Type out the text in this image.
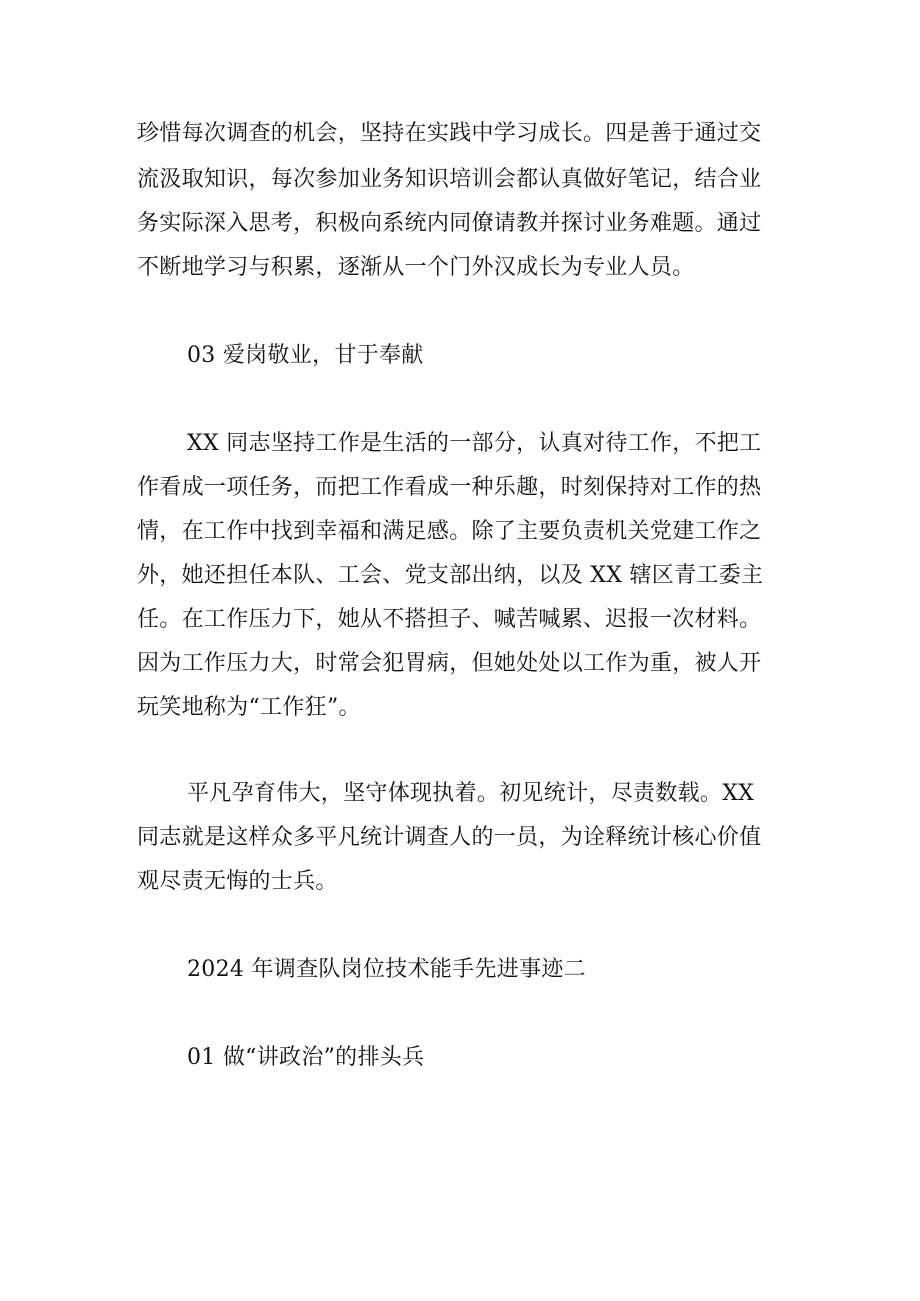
珍惜每次调查的机会，坚持在实践中学习成长。四是善于通过交
流汲取知识，每次参加业务知识培训会都认真做好笔记，结合业
务实际深入思考，积极向系统内同僚请教并探讨业务难题。通过
不断地学习与积累，逐渐从一个门外汉成长为专业人员。
03 爱岗敬业，甘于奉献
XX 同志坚持工作是生活的一部分，认真对待工作，不把工
作看成一项任务，而把工作看成一种乐趣，时刻保持对工作的热
情，在工作中找到幸福和满足感。除了主要负责机关党建工作之
外，她还担任本队、工会、党支部出纳，以及 XX 辖区青工委主
任。在工作压力下，她从不搭担子、喊苦喊累、迟报一次材料。
因为工作压力大，时常会犯胃病，但她处处以工作为重，被人开
玩笑地称为“工作狂”。
平凡孕育伟大，坚守体现执着。初见统计，尽责数载。XX
同志就是这样众多平凡统计调查人的一员，为诠释统计核心价值
观尽责无悔的士兵。
2024 年调查队岗位技术能手先进事迹二
01 做“讲政治”的排头兵
